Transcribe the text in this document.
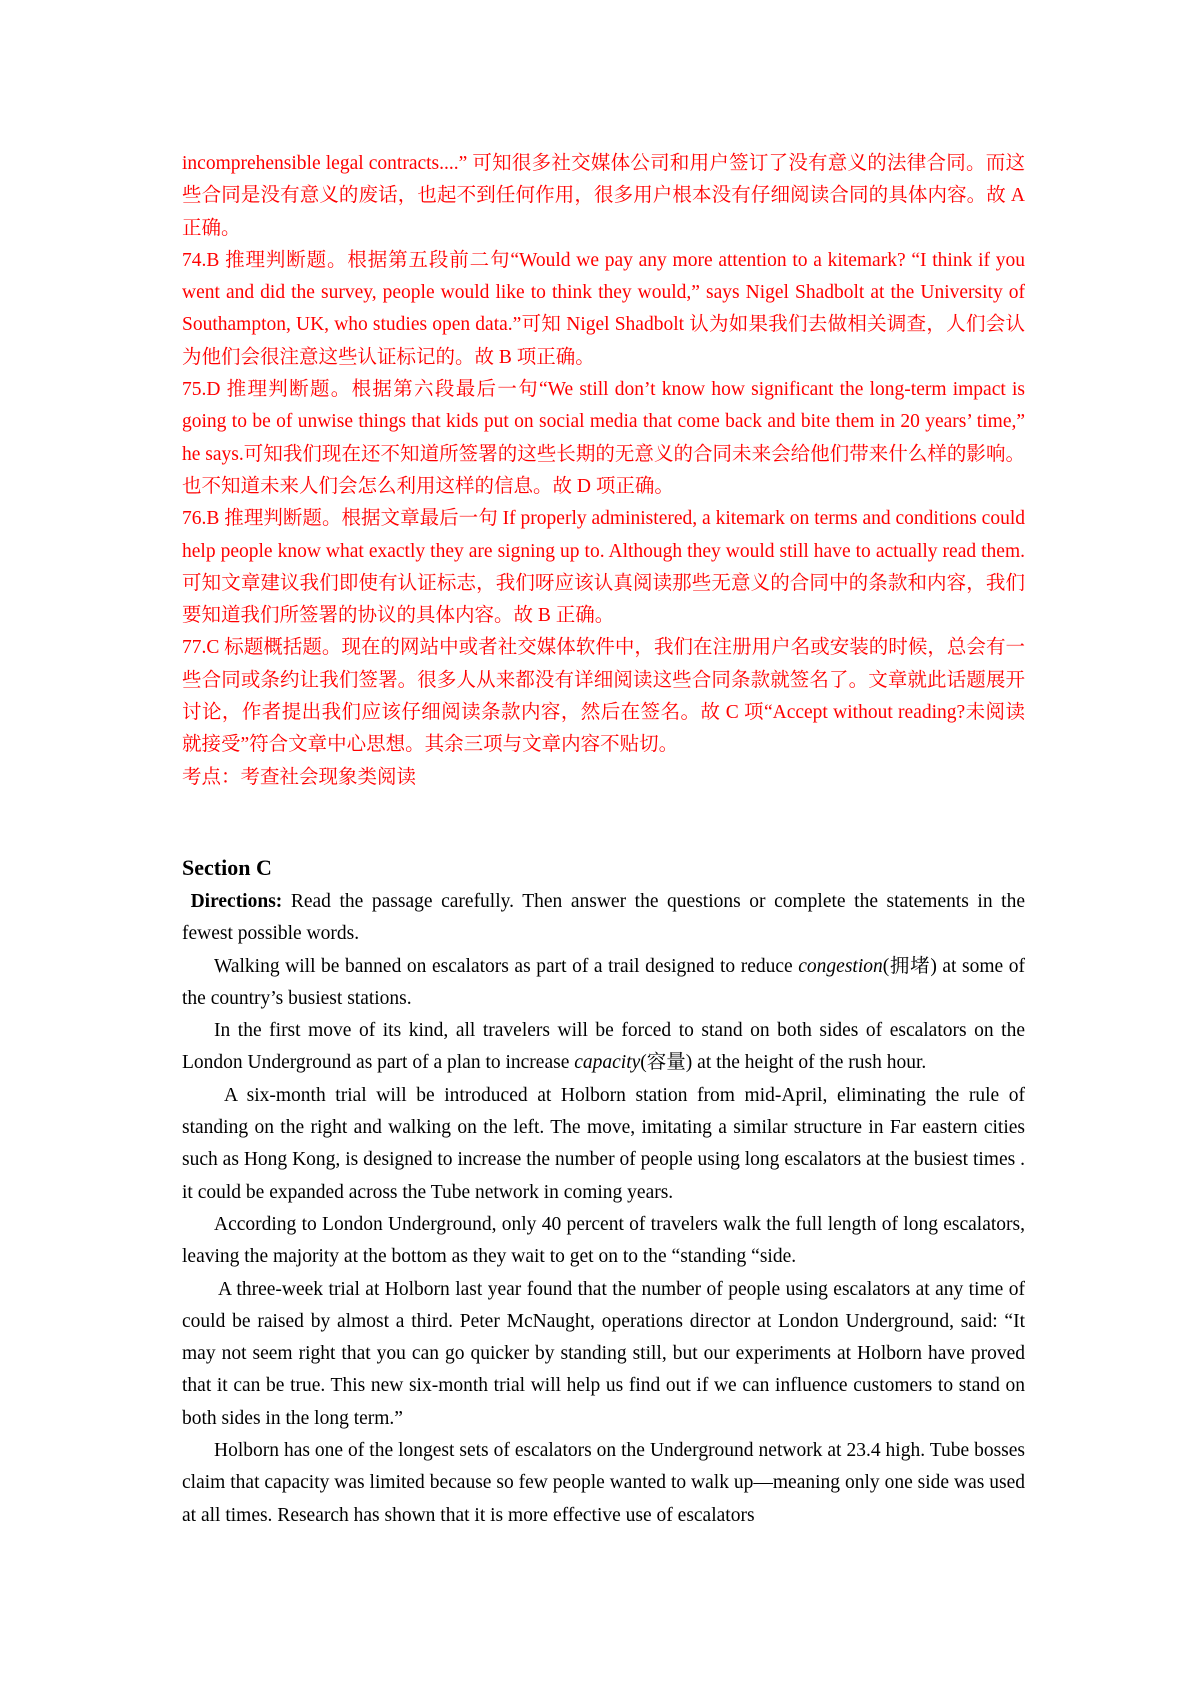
incomprehensible legal contracts....” 可知很多社交媒体公司和用户签订了没有意义的法律合同。而这些合同是没有意义的废话，也起不到任何作用，很多用户根本没有仔细阅读合同的具体内容。故 A 正确。

74.B 推理判断题。根据第五段前二句“Would we pay any more attention to a kitemark? “I think if you went and did the survey, people would like to think they would,” says Nigel Shadbolt at the University of Southampton, UK, who studies open data.”可知 Nigel Shadbolt 认为如果我们去做相关调查，人们会认为他们会很注意这些认证标记的。故 B 项正确。

75.D 推理判断题。根据第六段最后一句“We still don’t know how significant the long-term impact is going to be of unwise things that kids put on social media that come back and bite them in 20 years’ time,” he says.可知我们现在还不知道所签署的这些长期的无意义的合同未来会给他们带来什么样的影响。也不知道未来人们会怎么利用这样的信息。故 D 项正确。

76.B 推理判断题。根据文章最后一句 If properly administered, a kitemark on terms and conditions could help people know what exactly they are signing up to. Although they would still have to actually read them.可知文章建议我们即使有认证标志，我们呀应该认真阅读那些无意义的合同中的条款和内容，我们要知道我们所签署的协议的具体内容。故 B 正确。

77.C 标题概括题。现在的网站中或者社交媒体软件中，我们在注册用户名或安装的时候，总会有一些合同或条约让我们签署。很多人从来都没有详细阅读这些合同条款就签名了。文章就此话题展开讨论，作者提出我们应该仔细阅读条款内容，然后在签名。故 C 项“Accept without reading?未阅读就接受”符合文章中心思想。其余三项与文章内容不贴切。

考点：考查社会现象类阅读

Section C

Directions: Read the passage carefully. Then answer the questions or complete the statements in the fewest possible words.

Walking will be banned on escalators as part of a trail designed to reduce congestion(拥堵) at some of the country’s busiest stations.

In the first move of its kind, all travelers will be forced to stand on both sides of escalators on the London Underground as part of a plan to increase capacity(容量) at the height of the rush hour.

A six-month trial will be introduced at Holborn station from mid-April, eliminating the rule of standing on the right and walking on the left. The move, imitating a similar structure in Far eastern cities such as Hong Kong, is designed to increase the number of people using long escalators at the busiest times . it could be expanded across the Tube network in coming years.

According to London Underground, only 40 percent of travelers walk the full length of long escalators, leaving the majority at the bottom as they wait to get on to the “standing “side.

A three-week trial at Holborn last year found that the number of people using escalators at any time of could be raised by almost a third. Peter McNaught, operations director at London Underground, said: “It may not seem right that you can go quicker by standing still, but our experiments at Holborn have proved that it can be true. This new six-month trial will help us find out if we can influence customers to stand on both sides in the long term.”

Holborn has one of the longest sets of escalators on the Underground network at 23.4 high. Tube bosses claim that capacity was limited because so few people wanted to walk up—meaning only one side was used at all times. Research has shown that it is more effective use of escalators
